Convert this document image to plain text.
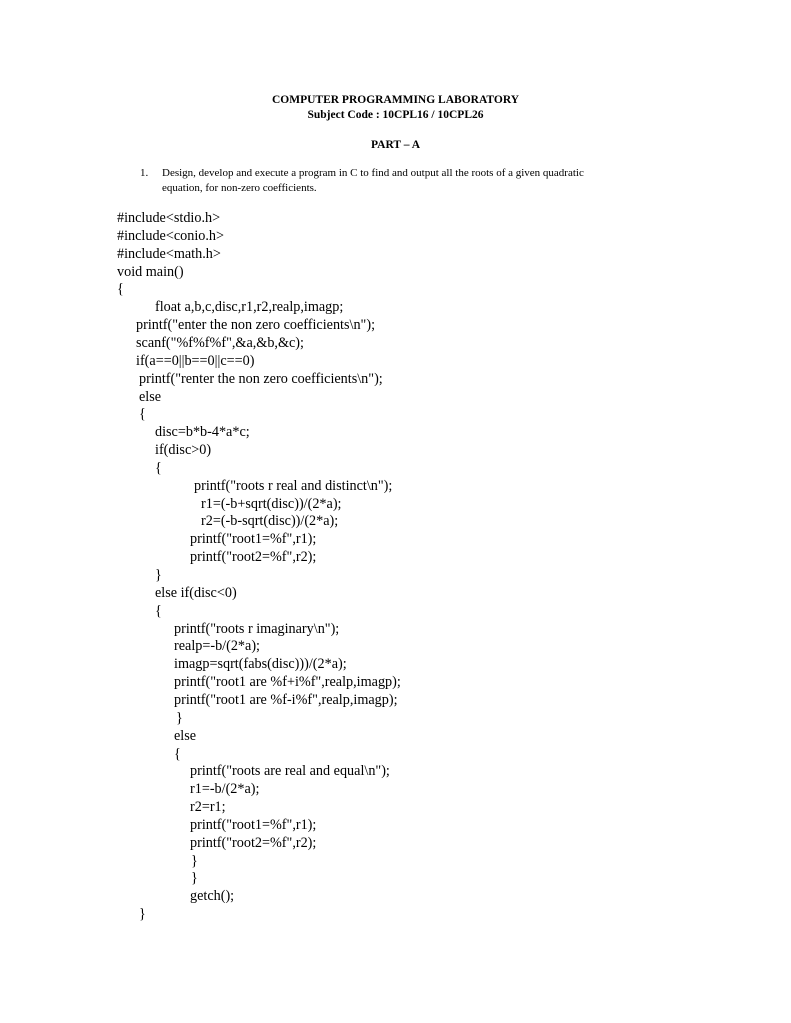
COMPUTER PROGRAMMING LABORATORY
Subject Code : 10CPL16 / 10CPL26
PART – A
1. Design, develop and execute a program in C to find and output all the roots of a given quadratic
equation, for non-zero coefficients.
#include<stdio.h>
#include<conio.h>
#include<math.h>
void main()
{
float a,b,c,disc,r1,r2,realp,imagp;
printf("enter the non zero coefficients\n");
scanf("%f%f%f",&a,&b,&c);
if(a==0||b==0||c==0)
printf("renter the non zero coefficients\n");
else
{
disc=b*b-4*a*c;
if(disc>0)
{
printf("roots r real and distinct\n");
r1=(-b+sqrt(disc))/(2*a);
r2=(-b-sqrt(disc))/(2*a);
printf("root1=%f",r1);
printf("root2=%f",r2);
}
else if(disc<0)
{
printf("roots r imaginary\n");
realp=-b/(2*a);
imagp=sqrt(fabs(disc)))/(2*a);
printf("root1 are %f+i%f",realp,imagp);
printf("root1 are %f-i%f",realp,imagp);
}
else
{
printf("roots are real and equal\n");
r1=-b/(2*a);
r2=r1;
printf("root1=%f",r1);
printf("root2=%f",r2);
}
}
getch();
}
